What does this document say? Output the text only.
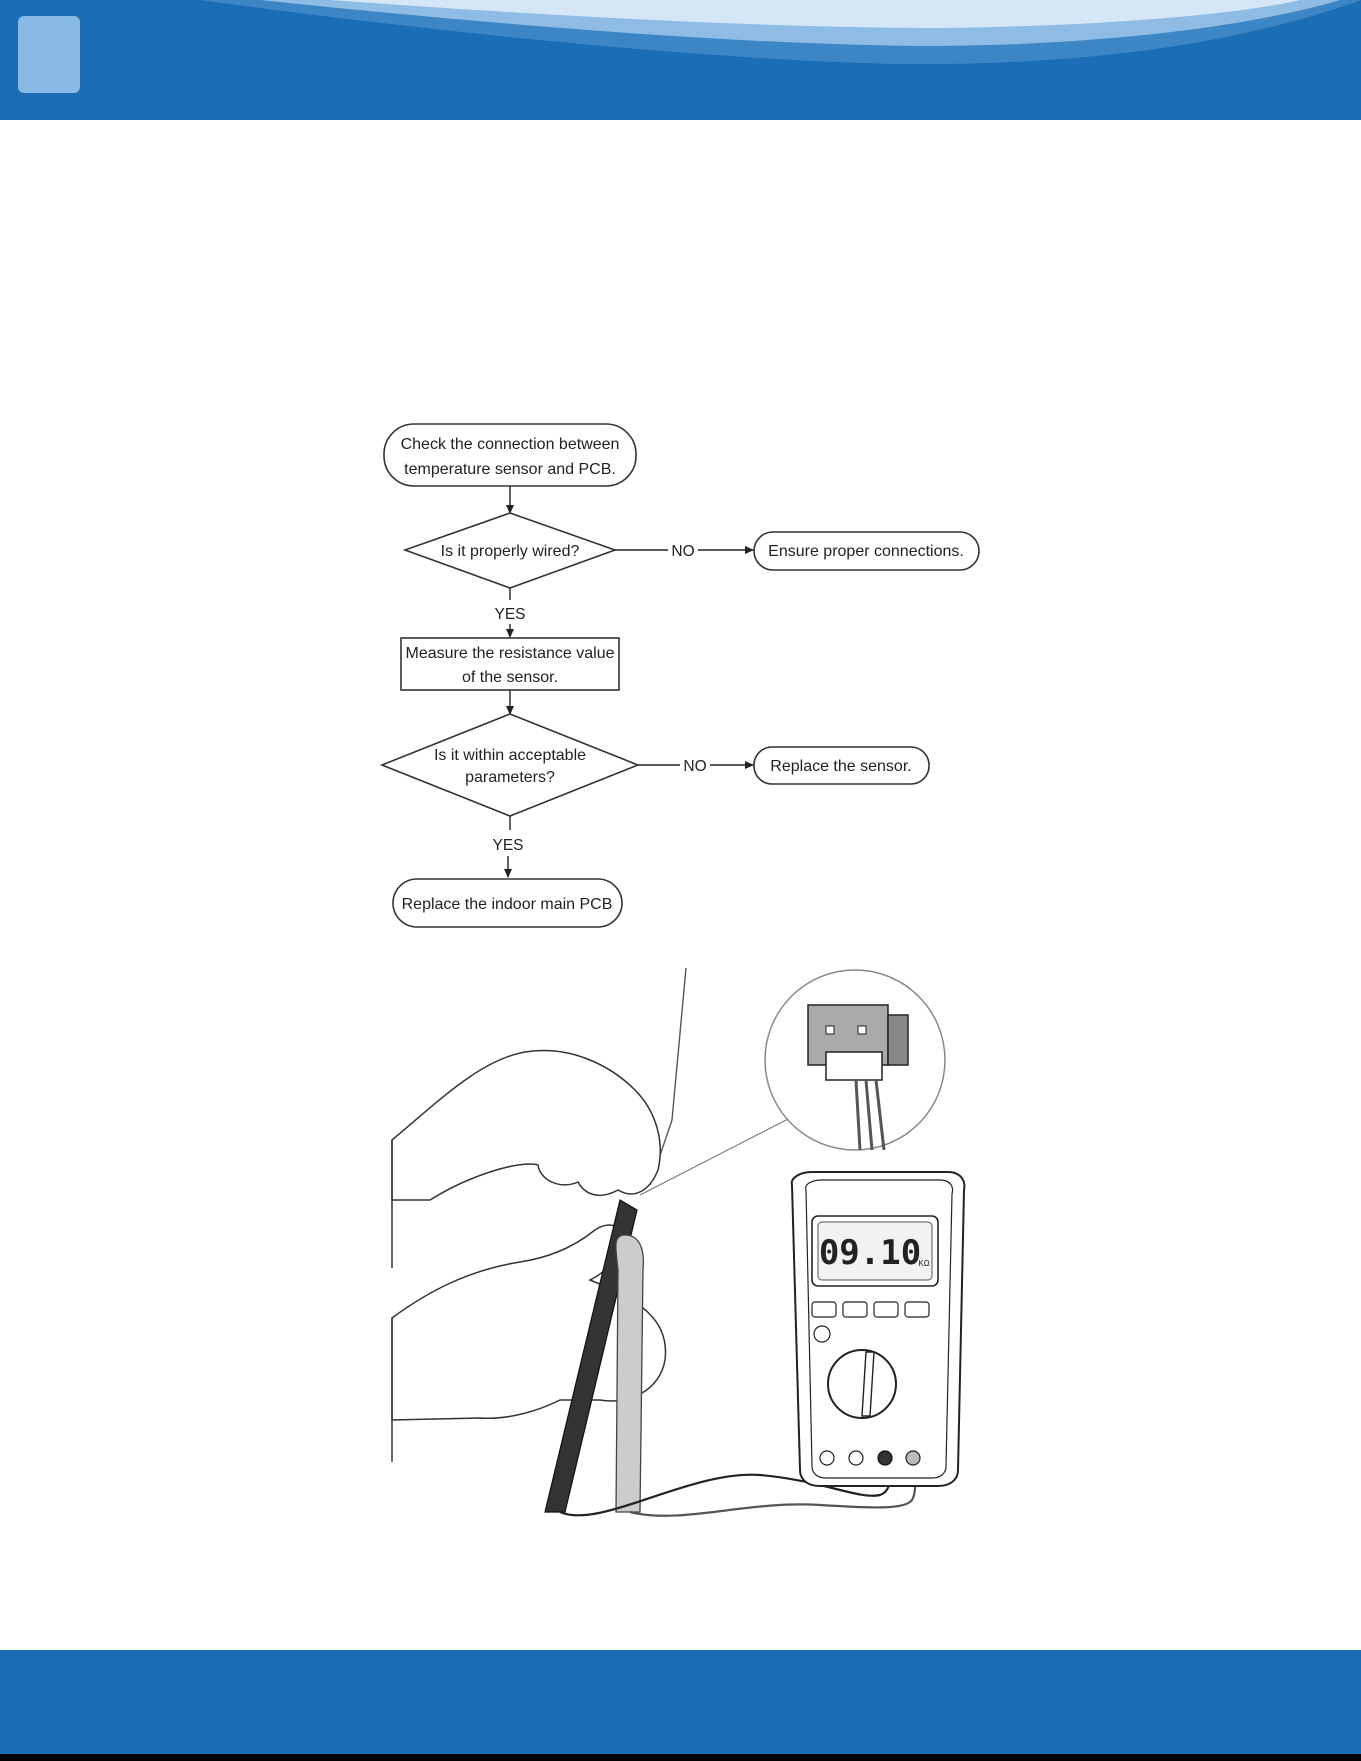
Check the connection between
temperature sensor and PCB.
Is it properly wired?	NO	Ensure proper connections.
YES
Measure the resistance value
of the sensor.
Is it within acceptable
parameters?
NO	Replace the sensor.
YES
Replace the indoor main PCB
09.10
KΩ
